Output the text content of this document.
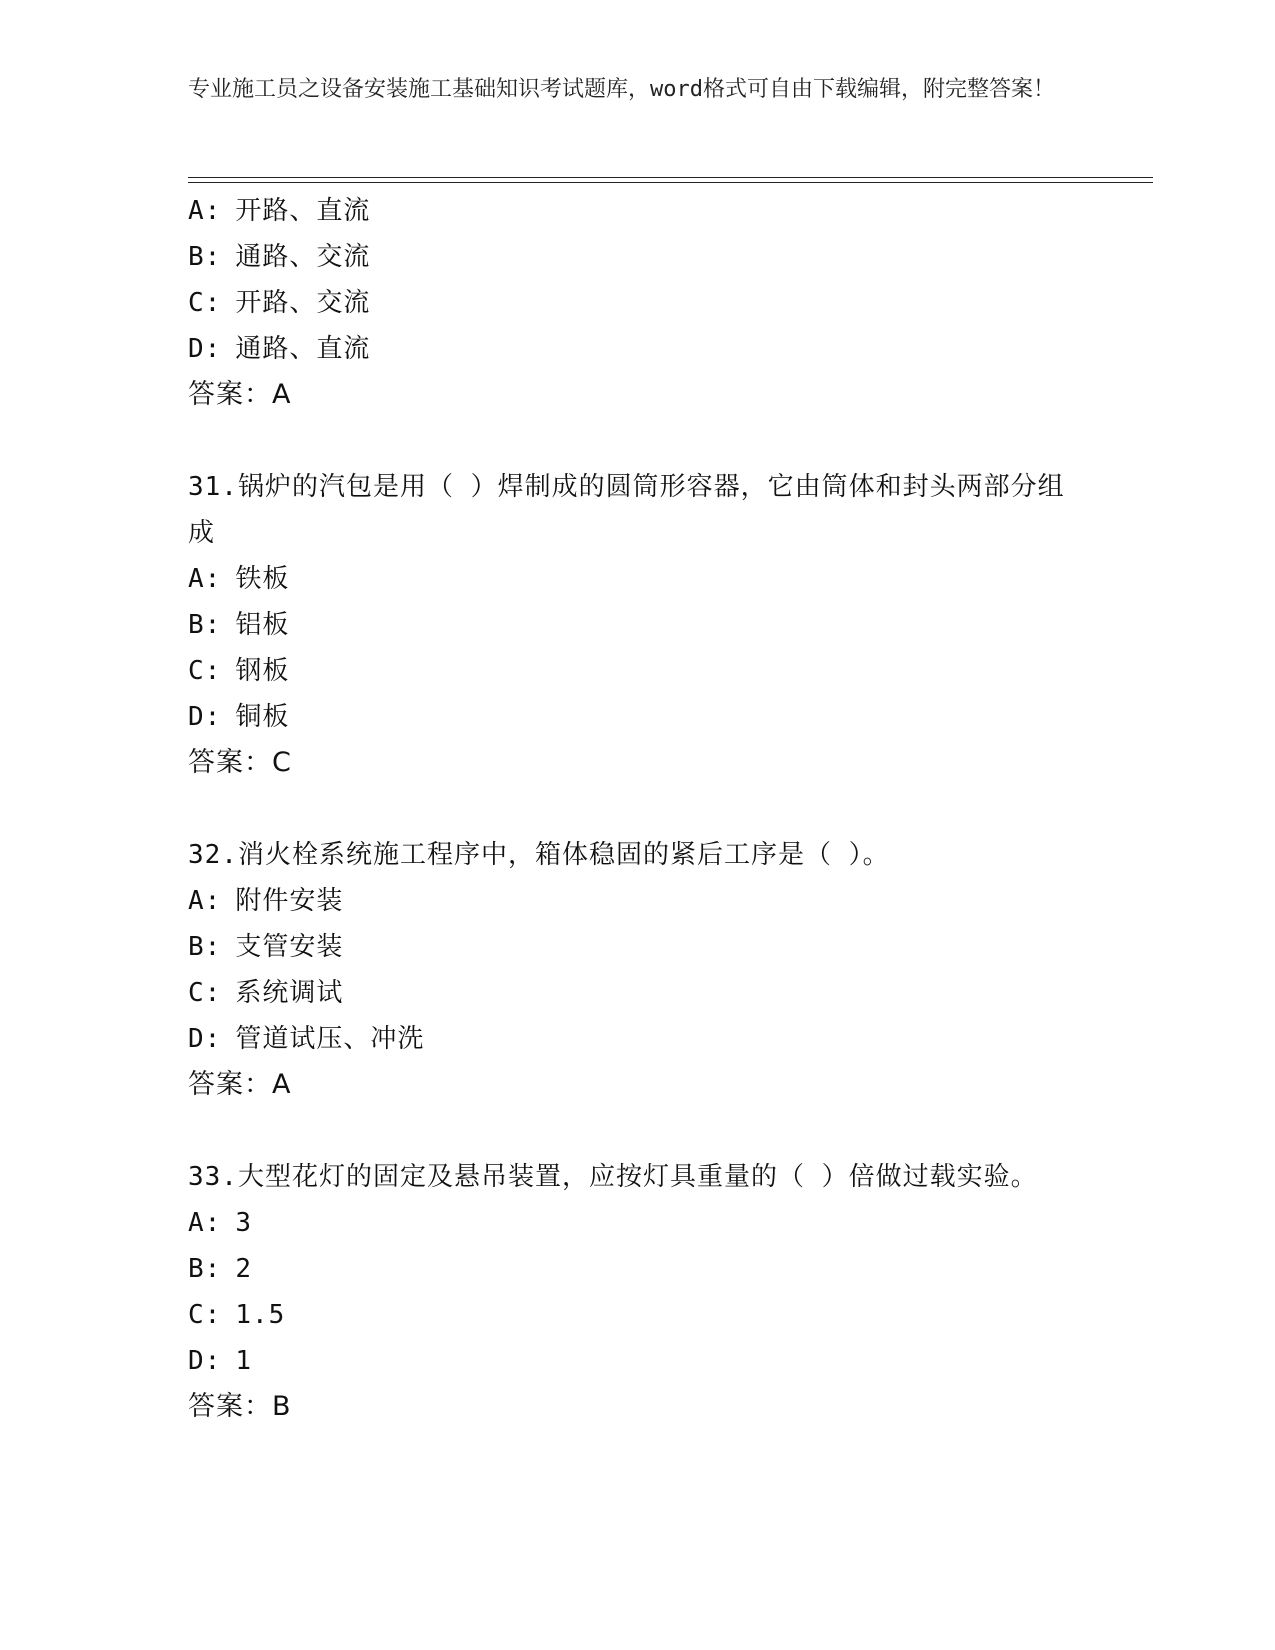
专业施工员之设备安装施工基础知识考试题库，word格式可自由下载编辑，附完整答案！
A: 开路、直流
B: 通路、交流
C: 开路、交流
D: 通路、直流
答案：A
31.锅炉的汽包是用（ ）焊制成的圆筒形容器，它由筒体和封头两部分组成
A: 铁板
B: 铝板
C: 钢板
D: 铜板
答案：C
32.消火栓系统施工程序中，箱体稳固的紧后工序是（ ）。
A: 附件安装
B: 支管安装
C: 系统调试
D: 管道试压、冲洗
答案：A
33.大型花灯的固定及悬吊装置，应按灯具重量的（ ）倍做过载实验。
A: 3
B: 2
C: 1.5
D: 1
答案：B
